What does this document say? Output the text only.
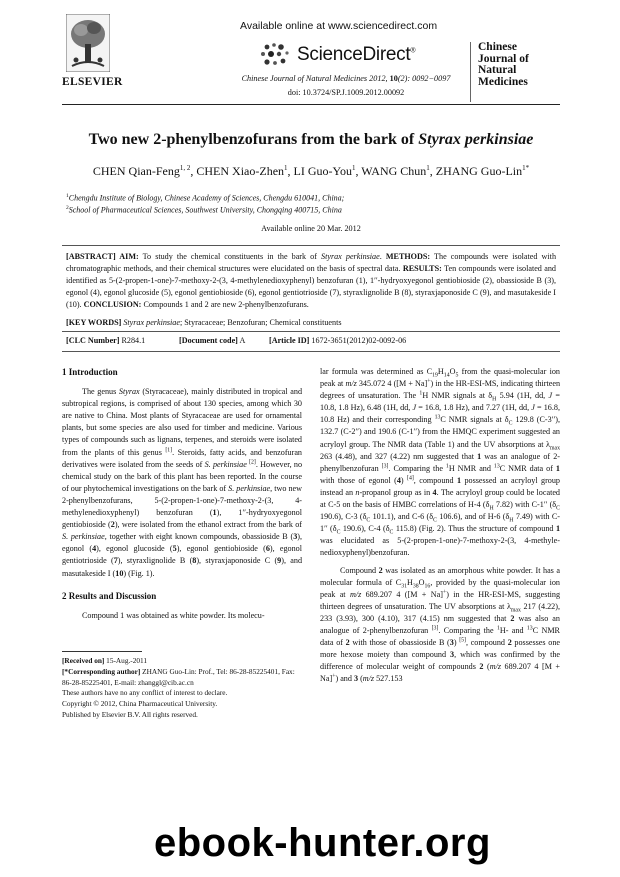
ELSEVIER
Available online at www.sciencedirect.com
ScienceDirect®
Chinese Journal of Natural Medicines 2012, 10(2): 0092−0097
doi: 10.3724/SP.J.1009.2012.00092
Chinese
Journal of
Natural
Medicines
Two new 2-phenylbenzofurans from the bark of Styrax perkinsiae
CHEN Qian-Feng$^{1, 2}$, CHEN Xiao-Zhen$^1$, LI Guo-You$^1$, WANG Chun$^1$, ZHANG Guo-Lin$^{1*}$
$^1$Chengdu Institute of Biology, Chinese Academy of Sciences, Chengdu 610041, China;
$^2$School of Pharmaceutical Sciences, Southwest University, Chongqing 400715, China
Available online 20 Mar. 2012
[ABSTRACT] AIM: To study the chemical constituents in the bark of Styrax perkinsiae. METHODS: The compounds were isolated with chromatographic methods, and their chemical structures were elucidated on the basis of spectral data. RESULTS: Ten compounds were isolated and identified as 5-(2-propen-1-one)-7-methoxy-2-(3, 4-methylenedioxyphenyl) benzofuran (1), 1′′-hydryoxyegonol gentiobioside (2), obassioside B (3), egonol (4), egonol glucoside (5), egonol gentiobioside (6), egonol gentiotrioside (7), styraxlignolide B (8), styraxjaponoside C (9), and masutakeside I (10). CONCLUSION: Compounds 1 and 2 are new 2-phenylbenzofurans.
[KEY WORDS] Styrax perkinsiae; Styracaceae; Benzofuran; Chemical constituents
[CLC Number] R284.1	[Document code] A	[Article ID] 1672-3651(2012)02-0092-06
1 Introduction

The genus Styrax (Styracaceae), mainly distributed in tropical and subtropical regions, is comprised of about 130 species, among which 30 are native to China. Most plants of Styracaceae are used for ornamental plants, but some species are also used for timber and medicine. Various types of compounds such as lignans, terpenes, and steroids were isolated from the plants of this genus [1]. Steroids, fatty acids, and benzofuran derivatives were isolated from the seeds of S. perkinsiae [2]. However, no chemical study on the bark of this plant has been reported. In the course of our phytochemical investigations on the bark of S. perkinsiae, two new 2-phenylbenzofurans, 5-(2-propen-1-one)-7-methoxy-2-(3, 4-methylenedioxyphenyl) benzofuran (1), 1′′-hydryoxyegonol gentiobioside (2), were isolated from the ethanol extract from the bark of S. perkinsiae, together with eight known compounds, obassioside B (3), egonol (4), egonol glucoside (5), egonol gentiobioside (6), egonol gentiotrioside (7), styraxlignolide B (8), styraxjaponoside C (9), and masutakeside I (10) (Fig. 1).

2 Results and Discussion

Compound 1 was obtained as white powder. Its molecu-

[Received on] 15-Aug.-2011
[*Corresponding author] ZHANG Guo-Lin: Prof., Tel: 86-28-85225401, Fax: 86-28-85225401, E-mail: zhanggl@cib.ac.cn
These authors have no any conflict of interest to declare.
Copyright © 2012, China Pharmaceutical University.
Published by Elsevier B.V. All rights reserved.

lar formula was determined as $C_{19}H_{14}O_5$ from the quasi-molecular ion peak at m/z 345.072 4 ([M + Na]+) in the HR-ESI-MS, indicating thirteen degrees of unsaturation. The $^1$H NMR signals at $\delta_H$ 5.94 (1H, dd, J = 10.8, 1.8 Hz), 6.48 (1H, dd, J = 16.8, 1.8 Hz), and 7.27 (1H, dd, J = 16.8, 10.8 Hz) and their corresponding $^{13}$C NMR signals at $\delta_C$ 129.8 (C-3′′), 132.7 (C-2′′) and 190.6 (C-1′′) from the HMQC experiment suggested an acryloyl group. The NMR data (Table 1) and the UV absorptions at $\lambda_{max}$ 263 (4.48), and 327 (4.22) nm suggested that 1 was an analogue of 2-phenylbenzofuran [3]. Comparing the $^1$H NMR and $^{13}$C NMR data of 1 with those of egonol (4) [4], compound 1 possessed an acryloyl group instead an n-propanol group as in 4. The acryloyl group could be located at C-5 on the basis of HMBC correlations of H-4 ($\delta_H$ 7.82) with C-1′′ ($\delta_C$ 190.6), C-3 ($\delta_C$ 101.1), and C-6 ($\delta_C$ 106.6), and of H-6 ($\delta_H$ 7.49) with C-1′′ ($\delta_C$ 190.6), C-4 ($\delta_C$ 115.8) (Fig. 2). Thus the structure of compound 1 was elucidated as 5-(2-propen-1-one)-7-methoxy-2-(3, 4-methyle-nedioxyphenyl)benzofuran.

Compound 2 was isolated as an amorphous white powder. It has a molecular formula of $C_{31}H_{38}O_{16}$, provided by the quasi-molecular ion peak at m/z 689.207 4 ([M + Na]+) in the HR-ESI-MS, suggesting thirteen degrees of unsaturation. The UV absorptions at $\lambda_{max}$ 217 (4.22), 233 (3.93), 300 (4.10), 317 (4.15) nm suggested that 2 was also an analogue of 2-phenylbenzofuran [3]. Comparing the $^1$H- and $^{13}$C NMR data of 2 with those of obassioside B (3) [5], compound 2 possesses one more hexose moiety than compound 3, which was confirmed by the difference of molecular weight of compounds 2 (m/z 689.207 4 [M + Na]+) and 3 (m/z 527.153

ebook-hunter.org
